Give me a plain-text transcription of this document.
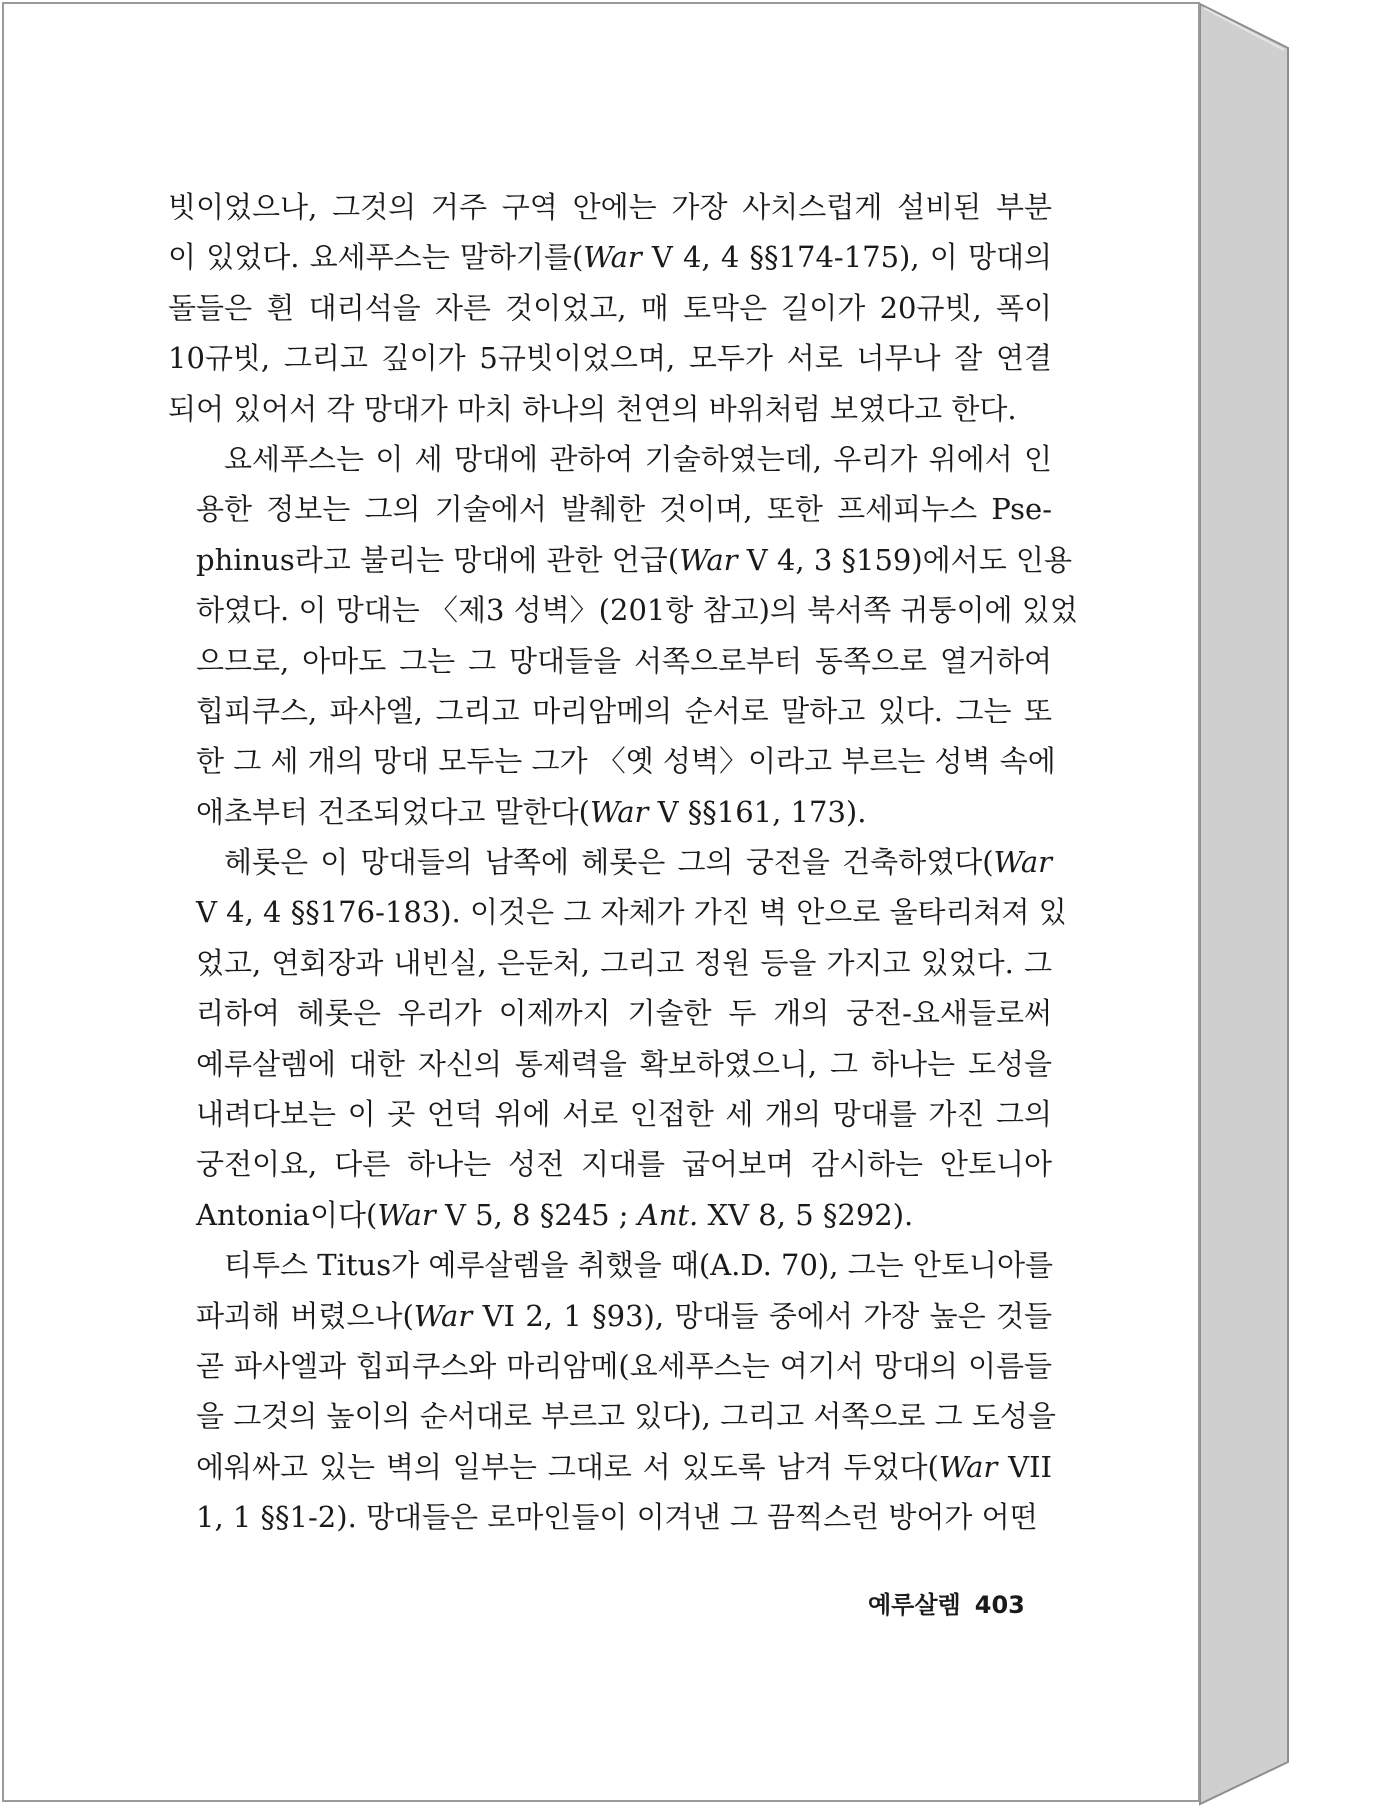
빗이었으나, 그것의 거주 구역 안에는 가장 사치스럽게 설비된 부분
이 있었다. 요세푸스는 말하기를(War V 4, 4 §§174-175), 이 망대의
돌들은 흰 대리석을 자른 것이었고, 매 토막은 길이가 20규빗, 폭이
10규빗, 그리고 깊이가 5규빗이었으며, 모두가 서로 너무나 잘 연결
되어 있어서 각 망대가 마치 하나의 천연의 바위처럼 보였다고 한다.
요세푸스는 이 세 망대에 관하여 기술하였는데, 우리가 위에서 인
용한 정보는 그의 기술에서 발췌한 것이며, 또한 프세피누스 Pse-
phinus라고 불리는 망대에 관한 언급(War V 4, 3 §159)에서도 인용
하였다. 이 망대는 〈제3 성벽〉(201항 참고)의 북서쪽 귀퉁이에 있었
으므로, 아마도 그는 그 망대들을 서쪽으로부터 동쪽으로 열거하여
힙피쿠스, 파사엘, 그리고 마리암메의 순서로 말하고 있다. 그는 또
한 그 세 개의 망대 모두는 그가 〈옛 성벽〉이라고 부르는 성벽 속에
애초부터 건조되었다고 말한다(War V §§161, 173).
헤롯은 이 망대들의 남쪽에 헤롯은 그의 궁전을 건축하였다(War
V 4, 4 §§176-183). 이것은 그 자체가 가진 벽 안으로 울타리쳐져 있
었고, 연회장과 내빈실, 은둔처, 그리고 정원 등을 가지고 있었다. 그
리하여 헤롯은 우리가 이제까지 기술한 두 개의 궁전-요새들로써
예루살렘에 대한 자신의 통제력을 확보하였으니, 그 하나는 도성을
내려다보는 이 곳 언덕 위에 서로 인접한 세 개의 망대를 가진 그의
궁전이요, 다른 하나는 성전 지대를 굽어보며 감시하는 안토니아
Antonia이다(War V 5, 8 §245 ; Ant. XV 8, 5 §292).
티투스 Titus가 예루살렘을 취했을 때(A.D. 70), 그는 안토니아를
파괴해 버렸으나(War VI 2, 1 §93), 망대들 중에서 가장 높은 것들
곧 파사엘과 힙피쿠스와 마리암메(요세푸스는 여기서 망대의 이름들
을 그것의 높이의 순서대로 부르고 있다), 그리고 서쪽으로 그 도성을
에워싸고 있는 벽의 일부는 그대로 서 있도록 남겨 두었다(War VII
1, 1 §§1-2). 망대들은 로마인들이 이겨낸 그 끔찍스런 방어가 어떤
예루살렘 403
